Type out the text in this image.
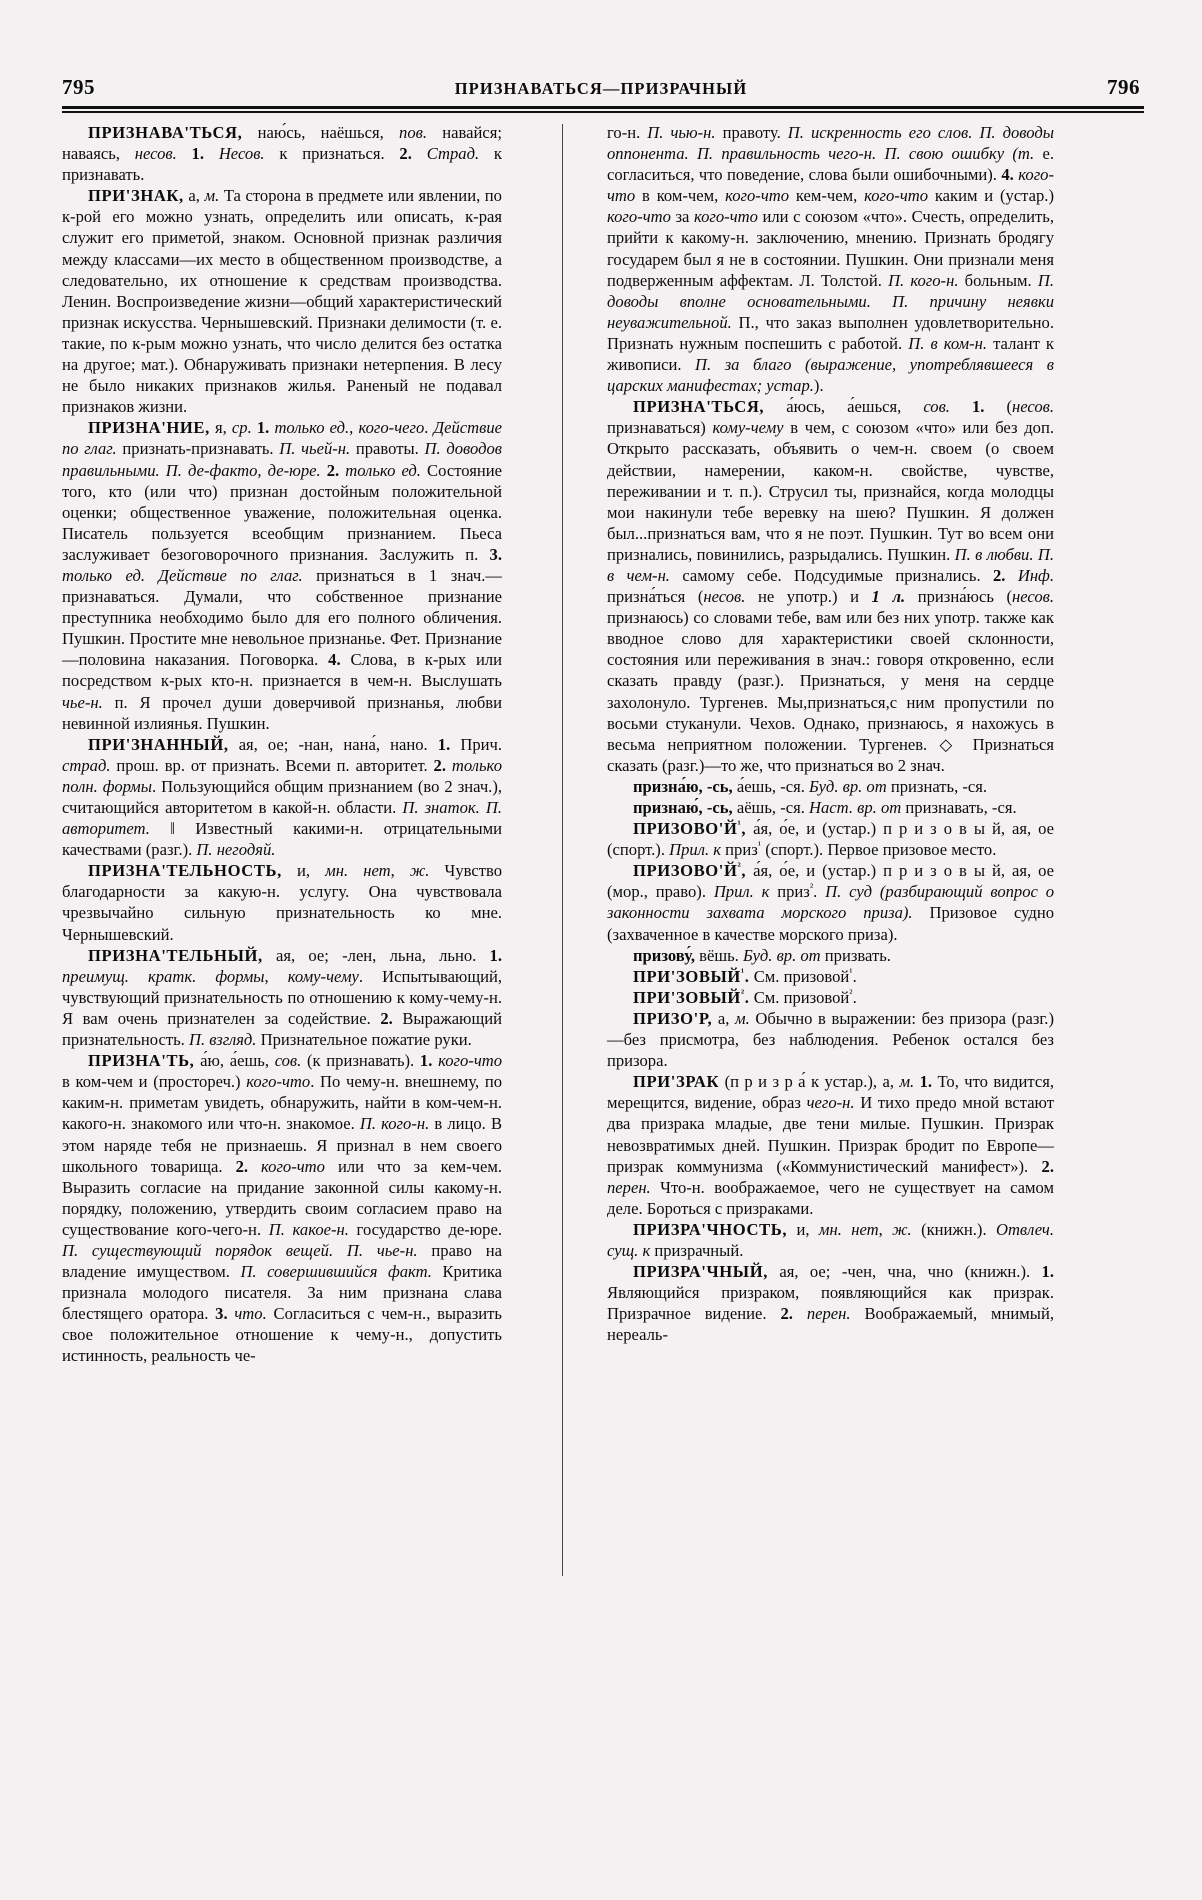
795	ПРИЗНАВАТЬСЯ—ПРИЗРАЧНЫЙ	796

ПРИЗНАВА'ТЬСЯ, наю́сь, наёшься, пов. навайся; наваясь, несов. 1. Несов. к признаться. 2. Страд. к признавать.

ПРИ'ЗНАК, а, м. Та сторона в предмете или явлении, по к-рой его можно узнать, определить или описать, к-рая служит его приметой, знаком. Основной признак различия между классами—их место в общественном производстве, а следовательно, их отношение к средствам производства. Ленин. Воспроизведение жизни—общий характеристический признак искусства. Чернышевский. Признаки делимости (т. е. такие, по к-рым можно узнать, что число делится без остатка на другое; мат.). Обнаруживать признаки нетерпения. В лесу не было никаких признаков жилья. Раненый не подавал признаков жизни.

ПРИЗНА'НИЕ, я, ср. 1. только ед., кого-чего. Действие по глаг. признать-признавать. П. чьей-н. правоты. П. доводов правильными. П. де-факто, де-юре. 2. только ед. Состояние того, кто (или что) признан достойным положительной оценки; общественное уважение, положительная оценка. Писатель пользуется всеобщим признанием. Пьеса заслуживает безоговорочного признания. Заслужить п. 3. только ед. Действие по глаг. признаться в 1 знач.—признаваться. Думали, что собственное признание преступника необходимо было для его полного обличения. Пушкин. Простите мне невольное признанье. Фет. Признание—половина наказания. Поговорка. 4. Слова, в к-рых или посредством к-рых кто-н. признается в чем-н. Выслушать чье-н. п. Я прочел души доверчивой признанья, любви невинной излиянья. Пушкин.

ПРИ'ЗНАННЫЙ, ая, ое; -нан, нана́, нано. 1. Прич. страд. прош. вр. от признать. Всеми п. авторитет. 2. только полн. формы. Пользующийся общим признанием (во 2 знач.), считающийся авторитетом в какой-н. области. П. знаток. П. авторитет. ‖ Известный какими-н. отрицательными качествами (разг.). П. негодяй.

ПРИЗНА'ТЕЛЬНОСТЬ, и, мн. нет, ж. Чувство благодарности за какую-н. услугу. Она чувствовала чрезвычайно сильную признательность ко мне. Чернышевский.

ПРИЗНА'ТЕЛЬНЫЙ, ая, ое; -лен, льна, льно. 1. преимущ. кратк. формы, кому-чему. Испытывающий, чувствующий признательность по отношению к кому-чему-н. Я вам очень признателен за содействие. 2. Выражающий признательность. П. взгляд. Признательное пожатие руки.

ПРИЗНА'ТЬ, а́ю, а́ешь, сов. (к признавать). 1. кого-что в ком-чем и (простореч.) кого-что. По чему-н. внешнему, по каким-н. приметам увидеть, обнаружить, найти в ком-чем-н. какого-н. знакомого или что-н. знакомое. П. кого-н. в лицо. В этом наряде тебя не признаешь. Я признал в нем своего школьного товарища. 2. кого-что или что за кем-чем. Выразить согласие на придание законной силы какому-н. порядку, положению, утвердить своим согласием право на существование кого-чего-н. П. какое-н. государство де-юре. П. существующий порядок вещей. П. чье-н. право на владение имуществом. П. совершившийся факт. Критика признала молодого писателя. За ним признана слава блестящего оратора. 3. что. Согласиться с чем-н., выразить свое положительное отношение к чему-н., допустить истинность, реальность че-

го-н. П. чью-н. правоту. П. искренность его слов. П. доводы оппонента. П. правильность чего-н. П. свою ошибку (т. е. согласиться, что поведение, слова были ошибочными). 4. кого-что в ком-чем, кого-что кем-чем, кого-что каким и (устар.) кого-что за кого-что или с союзом «что». Счесть, определить, прийти к какому-н. заключению, мнению. Признать бродягу государем был я не в состоянии. Пушкин. Они признали меня подверженным аффектам. Л. Толстой. П. кого-н. больным. П. доводы вполне основательными. П. причину неявки неуважительной. П., что заказ выполнен удовлетворительно. Признать нужным поспешить с работой. П. в ком-н. талант к живописи. П. за благо (выражение, употреблявшееся в царских манифестах; устар.).

ПРИЗНА'ТЬСЯ, а́юсь, а́ешься, сов. 1. (несов. признаваться) кому-чему в чем, с союзом «что» или без доп. Открыто рассказать, объявить о чем-н. своем (о своем действии, намерении, каком-н. свойстве, чувстве, переживании и т. п.). Струсил ты, признайся, когда молодцы мои накинули тебе веревку на шею? Пушкин. Я должен был...признаться вам, что я не поэт. Пушкин. Тут во всем они признались, повинились, разрыдались. Пушкин. П. в любви. П. в чем-н. самому себе. Подсудимые признались. 2. Инф. призна́ться (несов. не употр.) и 1 л. призна́юсь (несов. признаюсь) со словами тебе, вам или без них употр. также как вводное слово для характеристики своей склонности, состояния или переживания в знач.: говоря откровенно, если сказать правду (разг.). Признаться, у меня на сердце захолонуло. Тургенев. Мы,признаться,с ним пропустили по восьми стуканули. Чехов. Однако, признаюсь, я нахожусь в весьма неприятном положении. Тургенев. ◇ Признаться сказать (разг.)—то же, что признаться во 2 знач.

призна́ю, -сь, а́ешь, -ся. Буд. вр. от признать, -ся.

признаю́, -сь, аёшь, -ся. Наст. вр. от признавать, -ся.

$ПРИЗОВО'Й^{^1}$, а́я, о́е, и (устар.) п р и з о в ы й, ая, ое (спорт.). Прил. к приз$^{^1}$ (спорт.). Первое призовое место.

$ПРИЗОВО'Й^{^2}$, а́я, о́е, и (устар.) п р и з о в ы й, ая, ое (мор., право). Прил. к приз$^{^2}$. П. суд (разбирающий вопрос о законности захвата морского приза). Призовое судно (захваченное в качестве морского приза).

призову́, вёшь. Буд. вр. от призвать.

$ПРИ'ЗОВЫЙ^{^1}$. См. призовой$^{^1}$.

$ПРИ'ЗОВЫЙ^{^2}$. См. призовой$^{^2}$.

ПРИЗО'Р, а, м. Обычно в выражении: без призора (разг.)—без присмотра, без наблюдения. Ребенок остался без призора.

ПРИ'ЗРАК (п р и з р а́ к устар.), а, м. 1. То, что видится, мерещится, видение, образ чего-н. И тихо предо мной встают два призрака младые, две тени милые. Пушкин. Призрак невозвратимых дней. Пушкин. Призрак бродит по Европе—призрак коммунизма («Коммунистический манифест»). 2. перен. Что-н. воображаемое, чего не существует на самом деле. Бороться с призраками.

ПРИЗРА'ЧНОСТЬ, и, мн. нет, ж. (книжн.). Отвлеч. сущ. к призрачный.

ПРИЗРА'ЧНЫЙ, ая, ое; -чен, чна, чно (книжн.). 1. Являющийся призраком, появляющийся как призрак. Призрачное видение. 2. перен. Воображаемый, мнимый, нереаль-
